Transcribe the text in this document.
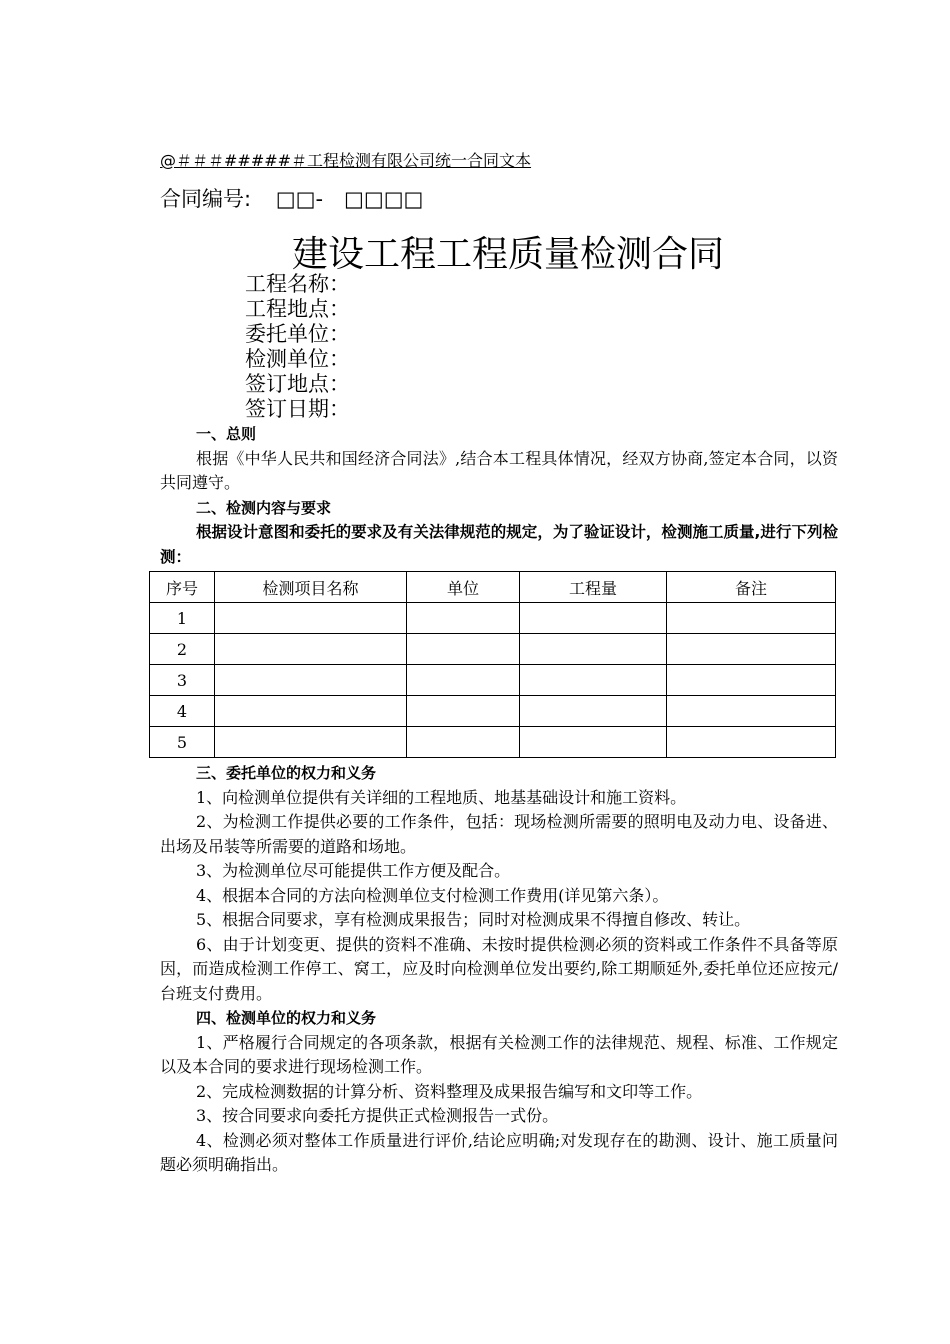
@＃＃＃#####＃工程检测有限公司统一合同文本
合同编号: □□-　□□□□
建设工程工程质量检测合同
工程名称：
工程地点：
委托单位：
检测单位：
签订地点：
签订日期：
一、总则
根据《中华人民共和国经济合同法》,结合本工程具体情况，经双方协商,签定本合同，以资共同遵守。
二、检测内容与要求
根据设计意图和委托的要求及有关法律规范的规定，为了验证设计，检测施工质量,进行下列检测：
序号	检测项目名称	单位	工程量	备注
1				
2				
3				
4				
5				
三、委托单位的权力和义务
1、向检测单位提供有关详细的工程地质、地基基础设计和施工资料。
2、为检测工作提供必要的工作条件，包括：现场检测所需要的照明电及动力电、设备进、出场及吊装等所需要的道路和场地。
3、为检测单位尽可能提供工作方便及配合。
4、根据本合同的方法向检测单位支付检测工作费用(详见第六条）。
5、根据合同要求，享有检测成果报告；同时对检测成果不得擅自修改、转让。
6、由于计划变更、提供的资料不准确、未按时提供检测必须的资料或工作条件不具备等原因，而造成检测工作停工、窝工，应及时向检测单位发出要约,除工期顺延外,委托单位还应按元/台班支付费用。
四、检测单位的权力和义务
1、严格履行合同规定的各项条款，根据有关检测工作的法律规范、规程、标准、工作规定以及本合同的要求进行现场检测工作。
2、完成检测数据的计算分析、资料整理及成果报告编写和文印等工作。
3、按合同要求向委托方提供正式检测报告一式份。
4、检测必须对整体工作质量进行评价,结论应明确;对发现存在的勘测、设计、施工质量问题必须明确指出。
